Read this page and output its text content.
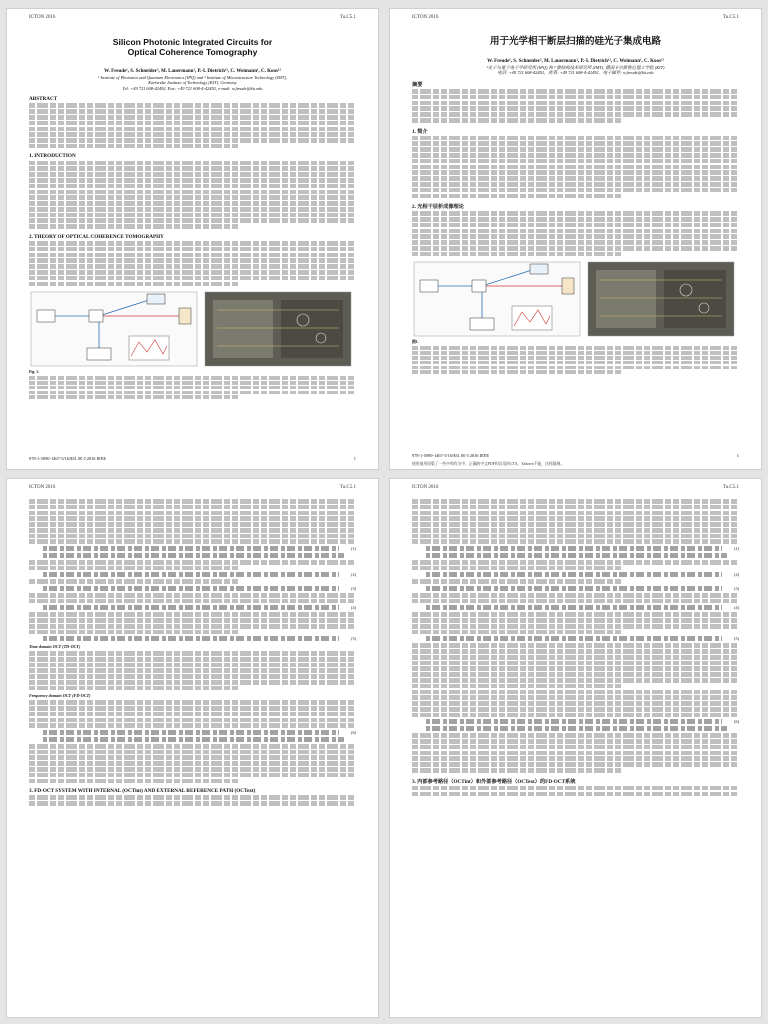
ICTON 2016	Tu.C5.1
Silicon Photonic Integrated Circuits for
Optical Coherence Tomography
W. Freude¹, S. Schneider², M. Lauermann¹, P.-I. Dietrich¹², C. Weimann¹, C. Koos¹²
¹ Institute of Photonics and Quantum Electronics (IPQ) and ² Institute of Microstructure Technology (IMT),
Karlsruhe Institute of Technology (KIT), Germany
Tel: +49 721 608-42492, Fax: +49 721 608-4-42492, e-mail: w.freude@kit.edu
ABSTRACT
1. INTRODUCTION
2. THEORY OF OPTICAL COHERENCE TOMOGRAPHY
Fig. 1.
978-1-5090-1467-5/16/$31.00 ©2016 IEEE	1
ICTON 2016	Tu.C5.1
用于光学相干断层扫描的硅光子集成电路
W. Freude¹, S. Schneider², M. Lauermann¹, P.-I. Dietrich¹², C. Weimann¹, C. Koos¹²
¹光子与量子电子学研究所 (IPQ) 和 ² 微结构技术研究所 (IMT), 德国卡尔斯鲁厄理工学院 (KIT)
电话: +49 721 608-42492，传真: +49 721 608-4-42492，电子邮件: w.freude@kit.edu
摘要
1. 简介
2. 光相干层析成像理论
图1.
978-1-5090-1467-5/16/$31.00 ©2016 IEEE	1
使用使用原版了一些中和有关中，正确的中文PDF和汉语的CTA，Yadown不能，这样限制。
ICTON 2016	Tu.C5.1
(1)
(2)
(3)
(4)
(5)

Time domain OCT (TD-OCT)

Frequency domain OCT (FD-OCT)

(6)
3. FD-OCT SYSTEM WITH INTERNAL (OCTint) AND EXTERNAL REFERENCE PATH (OCText)
ICTON 2016	Tu.C5.1
(1)
(2)
(3)
(4)
(5)
(6)
3. 内部参考路径（OCTint）和外部参考路径（OCText）的FD-OCT系统
